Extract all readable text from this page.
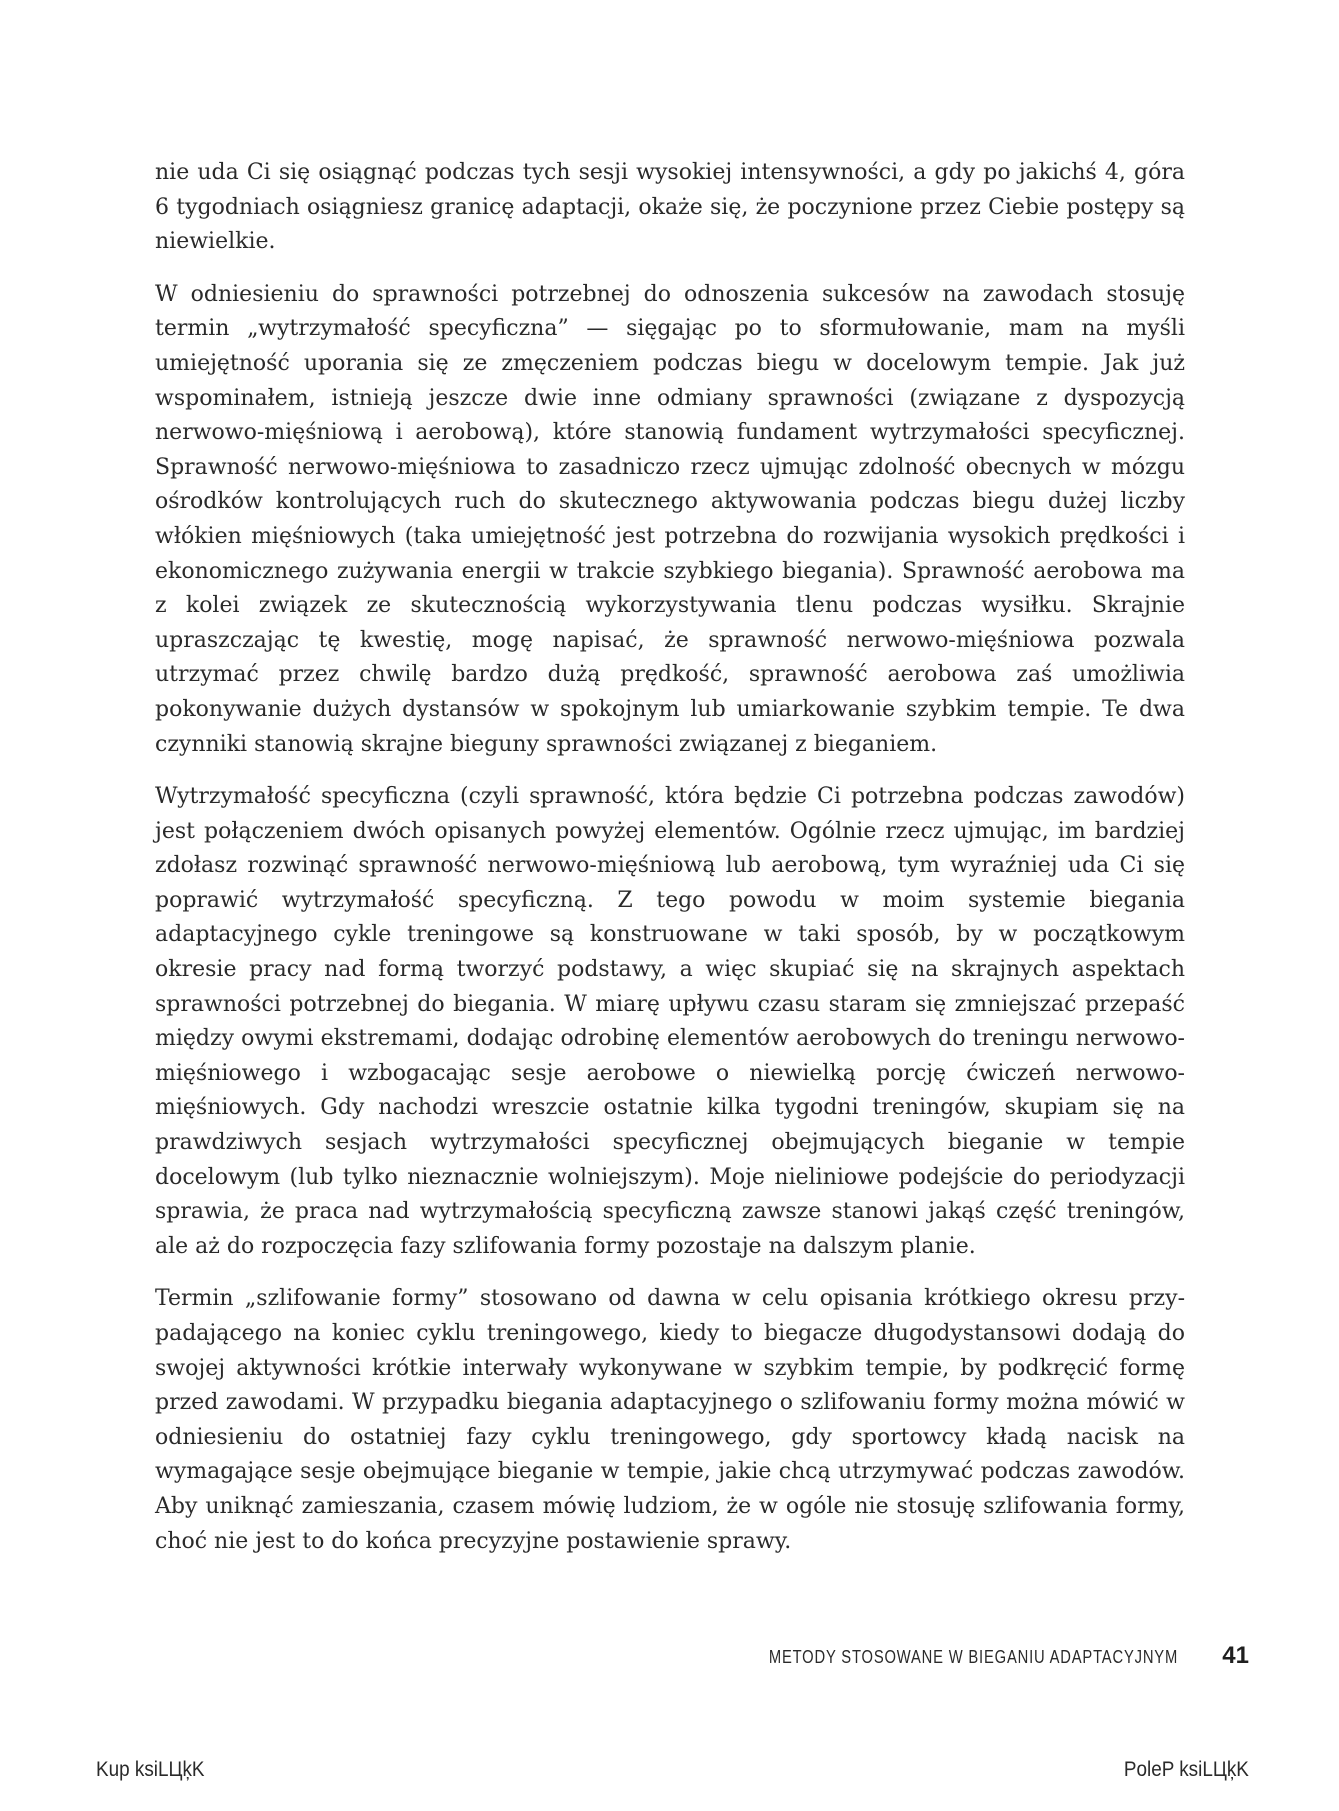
nie uda Ci się osiągnąć podczas tych sesji wysokiej intensywności, a gdy po jakichś 4, góra 6 tygodniach osiągniesz granicę adaptacji, okaże się, że poczynione przez Ciebie postępy są niewielkie.

W odniesieniu do sprawności potrzebnej do odnoszenia sukcesów na zawodach stosuję termin „wytrzymałość specyficzna” — sięgając po to sformułowanie, mam na myśli umiejętność uporania się ze zmęczeniem podczas biegu w docelowym tempie. Jak już wspominałem, istnieją jeszcze dwie inne odmiany sprawności (związane z dyspozycją nerwowo-mięśniową i aerobową), które stanowią fundament wytrzymałości specyficznej. Sprawność nerwowo-mięśniowa to zasadniczo rzecz ujmując zdolność obecnych w mózgu ośrodków kontrolujących ruch do skutecznego aktywowania podczas biegu dużej liczby włókien mięśniowych (taka umiejętność jest potrzebna do rozwijania wysokich prędkości i ekonomicznego zużywania energii w trakcie szybkiego biegania). Sprawność aerobowa ma z kolei związek ze skutecznością wykorzystywania tlenu podczas wysiłku. Skrajnie upraszczając tę kwestię, mogę napisać, że sprawność nerwowo-mięśniowa pozwala utrzymać przez chwilę bardzo dużą prędkość, sprawność aerobowa zaś umożliwia pokonywanie dużych dystansów w spokojnym lub umiarkowanie szybkim tempie. Te dwa czynniki stanowią skrajne bieguny sprawności związanej z bieganiem.

Wytrzymałość specyficzna (czyli sprawność, która będzie Ci potrzebna podczas zawodów) jest połączeniem dwóch opisanych powyżej elementów. Ogólnie rzecz ujmując, im bardziej zdołasz rozwinąć sprawność nerwowo-mięśniową lub aerobową, tym wyraźniej uda Ci się poprawić wytrzymałość specyficzną. Z tego powodu w moim systemie biegania adaptacyjnego cykle treningowe są konstruowane w taki sposób, by w początkowym okresie pracy nad formą tworzyć podstawy, a więc skupiać się na skrajnych aspektach sprawności potrzebnej do biegania. W miarę upływu czasu staram się zmniejszać przepaść między owymi ekstremami, dodając odrobinę elementów aerobowych do treningu nerwowo-mięśniowego i wzbogacając sesje aerobowe o niewielką porcję ćwiczeń nerwowo-mięśniowych. Gdy nachodzi wreszcie ostatnie kilka tygodni treningów, skupiam się na prawdziwych sesjach wytrzymałości specyficznej obejmujących bieganie w tempie docelowym (lub tylko nieznacznie wolniejszym). Moje nieliniowe podejście do periodyzacji sprawia, że praca nad wytrzymałością specyficzną zawsze stanowi jakąś część treningów, ale aż do rozpoczęcia fazy szlifowania formy pozostaje na dalszym planie.

Termin „szlifowanie formy” stosowano od dawna w celu opisania krótkiego okresu przypadającego na koniec cyklu treningowego, kiedy to biegacze długodystansowi dodają do swojej aktywności krótkie interwały wykonywane w szybkim tempie, by podkręcić formę przed zawodami. W przypadku biegania adaptacyjnego o szlifowaniu formy można mówić w odniesieniu do ostatniej fazy cyklu treningowego, gdy sportowcy kładą nacisk na wymagające sesje obejmujące bieganie w tempie, jakie chcą utrzymywać podczas zawodów. Aby uniknąć zamieszania, czasem mówię ludziom, że w ogóle nie stosuję szlifowania formy, choć nie jest to do końca precyzyjne postawienie sprawy.

METODY STOSOWANE W BIEGANIU ADAPTACYJNYM 41
Kup ksiLЦķK	PoleP ksiLЦķK
